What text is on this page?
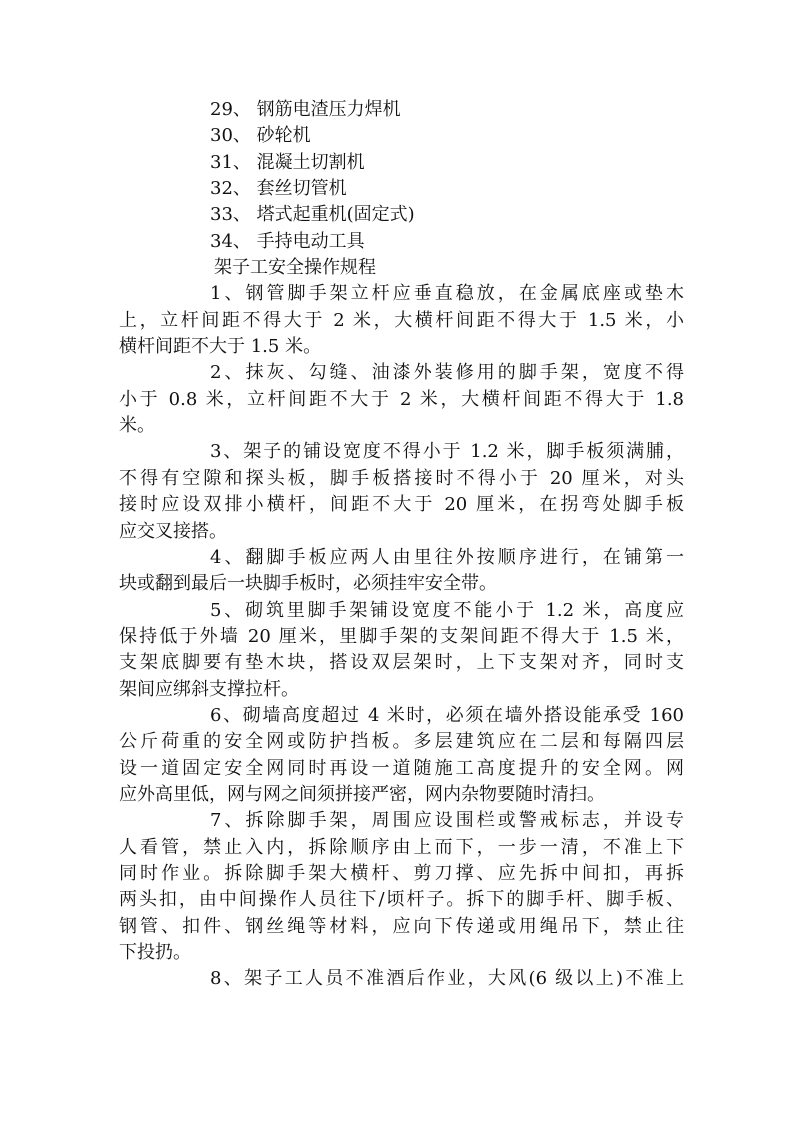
29、 钢筋电渣压力焊机
30、 砂轮机
31、 混凝土切割机
32、 套丝切管机
33、 塔式起重机(固定式)
34、 手持电动工具
架子工安全操作规程
1、钢管脚手架立杆应垂直稳放，在金属底座或垫木
上，立杆间距不得大于 2 米，大横杆间距不得大于 1.5 米，小
横杆间距不大于 1.5 米。
2、抹灰、勾缝、油漆外装修用的脚手架，宽度不得
小于 0.8 米，立杆间距不大于 2 米，大横杆间距不得大于 1.8
米。
3、架子的铺设宽度不得小于 1.2 米，脚手板须满脯，
不得有空隙和探头板，脚手板搭接时不得小于 20 厘米，对头
接时应设双排小横杆，间距不大于 20 厘米，在拐弯处脚手板
应交叉接搭。
4、翻脚手板应两人由里往外按顺序进行，在铺第一
块或翻到最后一块脚手板时，必须挂牢安全带。
5、砌筑里脚手架铺设宽度不能小于 1.2 米，高度应
保持低于外墙 20 厘米，里脚手架的支架间距不得大于 1.5 米，
支架底脚要有垫木块，搭设双层架时，上下支架对齐，同时支
架间应绑斜支撑拉杆。
6、砌墙高度超过 4 米时，必须在墙外搭设能承受 160
公斤荷重的安全网或防护挡板。多层建筑应在二层和每隔四层
设一道固定安全网同时再设一道随施工高度提升的安全网。网
应外高里低，网与网之间须拼接严密，网内杂物要随时清扫。
7、拆除脚手架，周围应设围栏或警戒标志，并设专
人看管，禁止入内，拆除顺序由上而下，一步一清，不准上下
同时作业。拆除脚手架大横杆、剪刀撑、应先拆中间扣，再拆
两头扣，由中间操作人员往下/顷杆子。拆下的脚手杆、脚手板、
钢管、扣件、钢丝绳等材料，应向下传递或用绳吊下，禁止往
下投扔。
8、架子工人员不准酒后作业，大风(6 级以上)不准上
